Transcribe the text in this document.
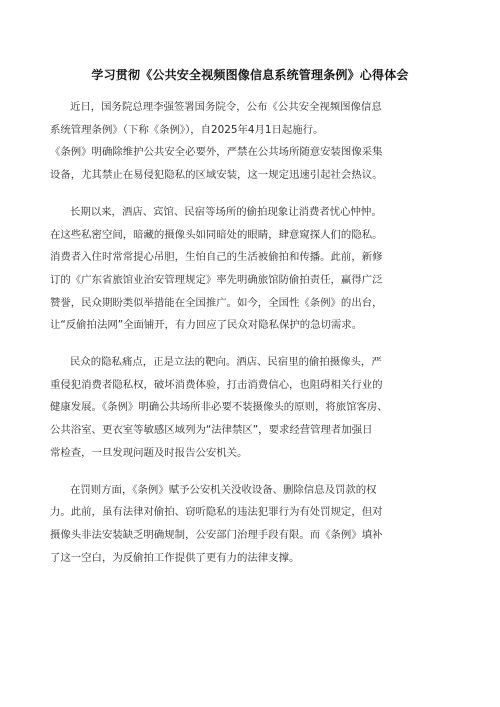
学习贯彻《公共安全视频图像信息系统管理条例》心得体会

近日，国务院总理李强签署国务院令，公布《公共安全视频图像信息
系统管理条例》（下称《条例》），自2025年4月1日起施行。
《条例》明确除维护公共安全必要外，严禁在公共场所随意安装图像采集
设备，尤其禁止在易侵犯隐私的区域安装，这一规定迅速引起社会热议。

长期以来，酒店、宾馆、民宿等场所的偷拍现象让消费者忧心忡忡。
在这些私密空间，暗藏的摄像头如同暗处的眼睛，肆意窥探人们的隐私。
消费者入住时常常提心吊胆，生怕自己的生活被偷拍和传播。此前，新修
订的《广东省旅馆业治安管理规定》率先明确旅馆防偷拍责任，赢得广泛
赞誉，民众期盼类似举措能在全国推广。如今，全国性《条例》的出台，
让“反偷拍法网”全面铺开，有力回应了民众对隐私保护的急切需求。

民众的隐私痛点，正是立法的靶向。酒店、民宿里的偷拍摄像头，严
重侵犯消费者隐私权，破坏消费体验，打击消费信心，也阻碍相关行业的
健康发展。《条例》明确公共场所非必要不装摄像头的原则，将旅馆客房、
公共浴室、更衣室等敏感区域列为“法律禁区”，要求经营管理者加强日
常检查，一旦发现问题及时报告公安机关。

在罚则方面，《条例》赋予公安机关没收设备、删除信息及罚款的权
力。此前，虽有法律对偷拍、窃听隐私的违法犯罪行为有处罚规定，但对
摄像头非法安装缺乏明确规制，公安部门治理手段有限。而《条例》填补
了这一空白，为反偷拍工作提供了更有力的法律支撑。
